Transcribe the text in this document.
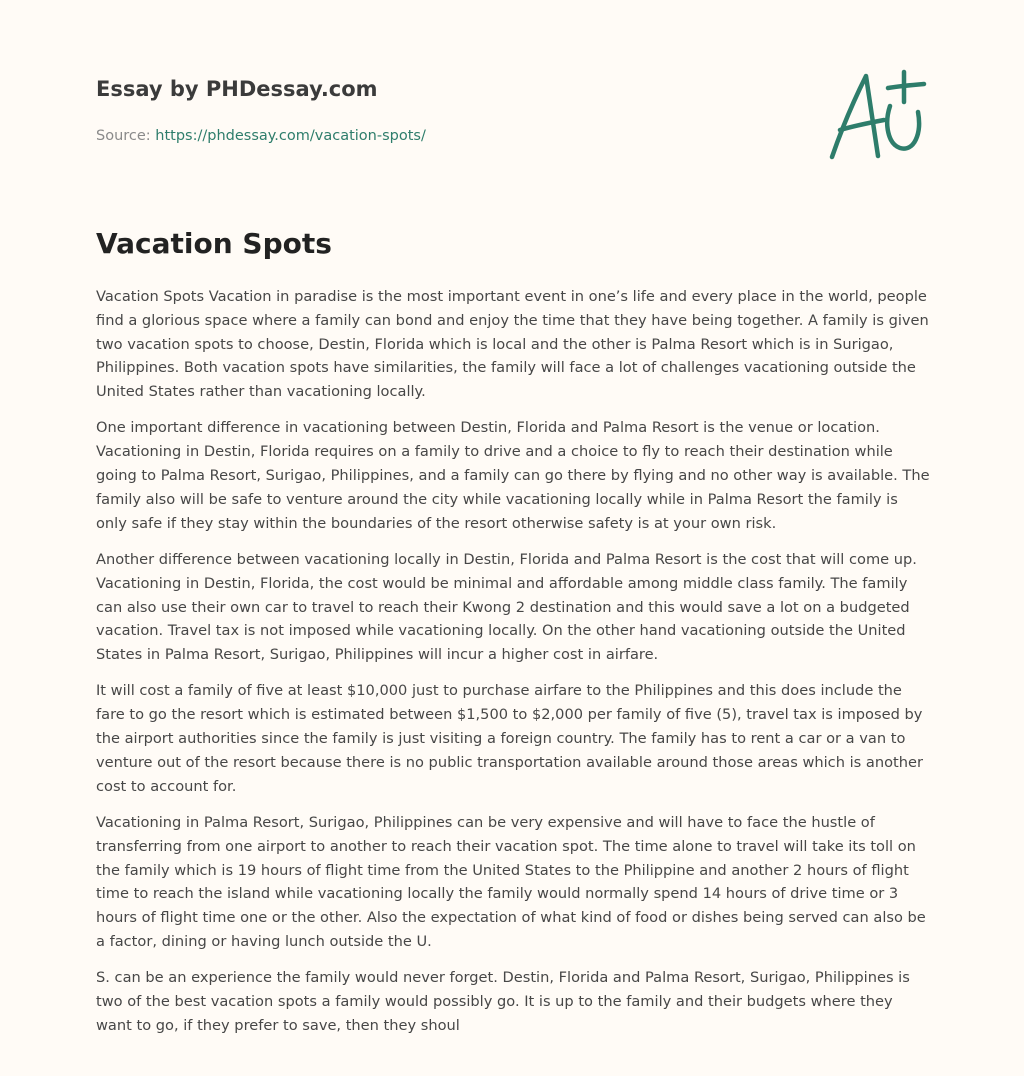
Essay by PHDessay.com
Source: https://phdessay.com/vacation-spots/
Vacation Spots

Vacation Spots Vacation in paradise is the most important event in one’s life and every place in the world, people find a glorious space where a family can bond and enjoy the time that they have being together. A family is given two vacation spots to choose, Destin, Florida which is local and the other is Palma Resort which is in Surigao, Philippines. Both vacation spots have similarities, the family will face a lot of challenges vacationing outside the United States rather than vacationing locally.

One important difference in vacationing between Destin, Florida and Palma Resort is the venue or location. Vacationing in Destin, Florida requires on a family to drive and a choice to fly to reach their destination while going to Palma Resort, Surigao, Philippines, and a family can go there by flying and no other way is available. The family also will be safe to venture around the city while vacationing locally while in Palma Resort the family is only safe if they stay within the boundaries of the resort otherwise safety is at your own risk.

Another difference between vacationing locally in Destin, Florida and Palma Resort is the cost that will come up. Vacationing in Destin, Florida, the cost would be minimal and affordable among middle class family. The family can also use their own car to travel to reach their Kwong 2 destination and this would save a lot on a budgeted vacation. Travel tax is not imposed while vacationing locally. On the other hand vacationing outside the United States in Palma Resort, Surigao, Philippines will incur a higher cost in airfare.

It will cost a family of five at least $10,000 just to purchase airfare to the Philippines and this does include the fare to go the resort which is estimated between $1,500 to $2,000 per family of five (5), travel tax is imposed by the airport authorities since the family is just visiting a foreign country. The family has to rent a car or a van to venture out of the resort because there is no public transportation available around those areas which is another cost to account for.

Vacationing in Palma Resort, Surigao, Philippines can be very expensive and will have to face the hustle of transferring from one airport to another to reach their vacation spot. The time alone to travel will take its toll on the family which is 19 hours of flight time from the United States to the Philippine and another 2 hours of flight time to reach the island while vacationing locally the family would normally spend 14 hours of drive time or 3 hours of flight time one or the other. Also the expectation of what kind of food or dishes being served can also be a factor, dining or having lunch outside the U.

S. can be an experience the family would never forget. Destin, Florida and Palma Resort, Surigao, Philippines is two of the best vacation spots a family would possibly go. It is up to the family and their budgets where they want to go, if they prefer to save, then they shoul
